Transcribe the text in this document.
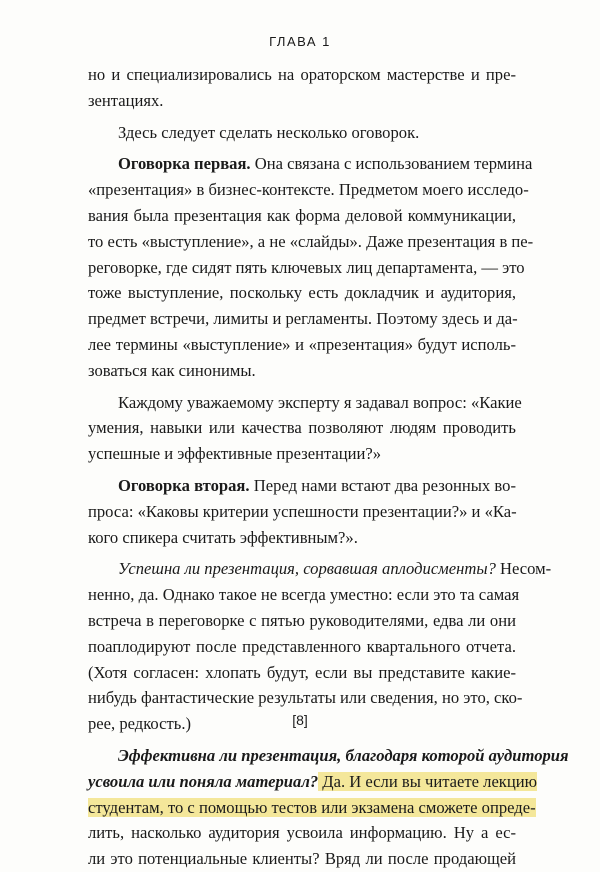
ГЛАВА 1
но и специализировались на ораторском мастерстве и пре-
зентациях.
Здесь следует сделать несколько оговорок.
Оговорка первая. Она связана с использованием термина
«презентация» в бизнес-контексте. Предметом моего исследо-
вания была презентация как форма деловой коммуникации,
то есть «выступление», а не «слайды». Даже презентация в пе-
реговорке, где сидят пять ключевых лиц департамента, — это
тоже выступление, поскольку есть докладчик и аудитория,
предмет встречи, лимиты и регламенты. Поэтому здесь и да-
лее термины «выступление» и «презентация» будут исполь-
зоваться как синонимы.
Каждому уважаемому эксперту я задавал вопрос: «Какие
умения, навыки или качества позволяют людям проводить
успешные и эффективные презентации?»
Оговорка вторая. Перед нами встают два резонных во-
проса: «Каковы критерии успешности презентации?» и «Ка-
кого спикера считать эффективным?».
Успешна ли презентация, сорвавшая аплодисменты? Несом-
ненно, да. Однако такое не всегда уместно: если это та самая
встреча в переговорке с пятью руководителями, едва ли они
поаплодируют после представленного квартального отчета.
(Хотя согласен: хлопать будут, если вы представите какие-
нибудь фантастические результаты или сведения, но это, ско-
рее, редкость.)
Эффективна ли презентация, благодаря которой аудитория
усвоила или поняла материал? Да. И если вы читаете лекцию
студентам, то с помощью тестов или экзамена сможете опреде-
лить, насколько аудитория усвоила информацию. Ну а ес-
ли это потенциальные клиенты? Вряд ли после продающей
[8]
